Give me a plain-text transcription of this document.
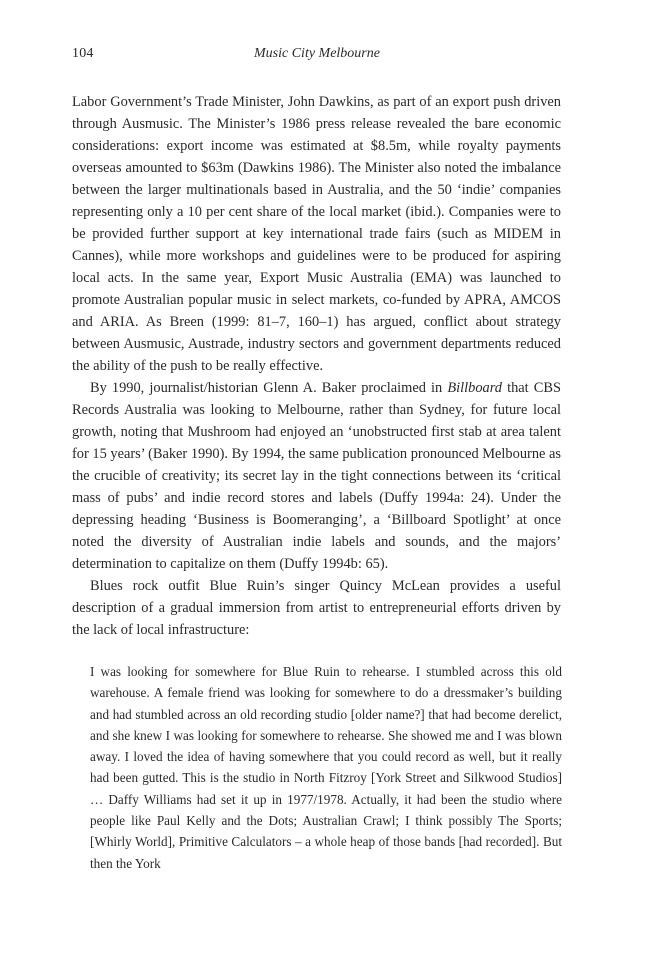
104	Music City Melbourne

Labor Government’s Trade Minister, John Dawkins, as part of an export push driven through Ausmusic. The Minister’s 1986 press release revealed the bare economic considerations: export income was estimated at $8.5m, while royalty payments overseas amounted to $63m (Dawkins 1986). The Minister also noted the imbalance between the larger multinationals based in Australia, and the 50 ‘indie’ companies representing only a 10 per cent share of the local market (ibid.). Companies were to be provided further support at key international trade fairs (such as MIDEM in Cannes), while more workshops and guidelines were to be produced for aspiring local acts. In the same year, Export Music Australia (EMA) was launched to promote Australian popular music in select markets, co-funded by APRA, AMCOS and ARIA. As Breen (1999: 81–7, 160–1) has argued, conflict about strategy between Ausmusic, Austrade, industry sectors and government departments reduced the ability of the push to be really effective.

By 1990, journalist/historian Glenn A. Baker proclaimed in Billboard that CBS Records Australia was looking to Melbourne, rather than Sydney, for future local growth, noting that Mushroom had enjoyed an ‘unobstructed first stab at area talent for 15 years’ (Baker 1990). By 1994, the same publication pronounced Melbourne as the crucible of creativity; its secret lay in the tight connections between its ‘critical mass of pubs’ and indie record stores and labels (Duffy 1994a: 24). Under the depressing heading ‘Business is Boomeranging’, a ‘Billboard Spotlight’ at once noted the diversity of Australian indie labels and sounds, and the majors’ determination to capitalize on them (Duffy 1994b: 65).

Blues rock outfit Blue Ruin’s singer Quincy McLean provides a useful description of a gradual immersion from artist to entrepreneurial efforts driven by the lack of local infrastructure:

I was looking for somewhere for Blue Ruin to rehearse. I stumbled across this old warehouse. A female friend was looking for somewhere to do a dressmaker’s building and had stumbled across an old recording studio [older name?] that had become derelict, and she knew I was looking for somewhere to rehearse. She showed me and I was blown away. I loved the idea of having somewhere that you could record as well, but it really had been gutted. This is the studio in North Fitzroy [York Street and Silkwood Studios] … Daffy Williams had set it up in 1977/1978. Actually, it had been the studio where people like Paul Kelly and the Dots; Australian Crawl; I think possibly The Sports; [Whirly World], Primitive Calculators – a whole heap of those bands [had recorded]. But then the York
